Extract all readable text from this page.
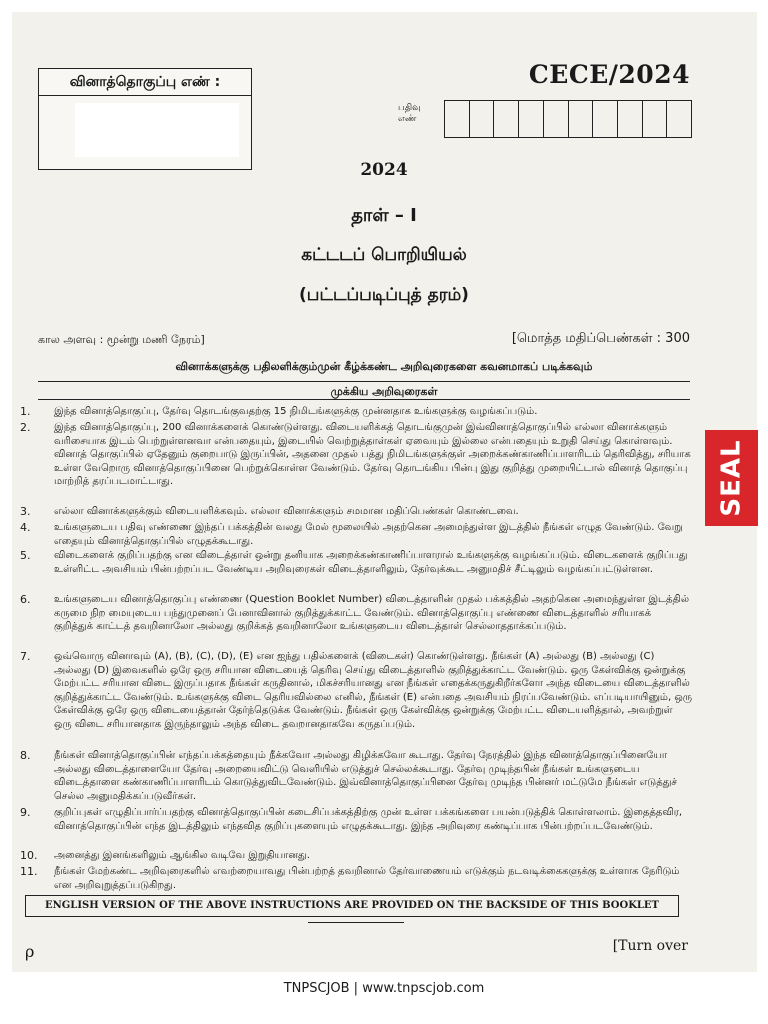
வினாத்தொகுப்பு எண் :	CECE/2024
பதிவு எண்
2024
தாள் – I
கட்டடப் பொறியியல்
(பட்டப்படிப்புத் தரம்)
கால அளவு : மூன்று மணி நேரம்]	[மொத்த மதிப்பெண்கள் : 300
வினாக்களுக்கு பதிலளிக்கும்முன் கீழ்க்கண்ட அறிவுரைகளை கவனமாகப் படிக்கவும்
முக்கிய அறிவுரைகள்
1.	இந்த வினாத்தொகுப்பு, தேர்வு தொடங்குவதற்கு 15 நிமிடங்களுக்கு முன்னதாக உங்களுக்கு வழங்கப்படும்.
2.	இந்த வினாத்தொகுப்பு, 200 வினாக்களைக் கொண்டுள்ளது. விடையளிக்கத் தொடங்குமுன் இவ்வினாத்தொகுப்பில் எல்லா வினாக்களும் வரிசையாக இடம் பெற்றுள்ளனவா என்பதையும், இடையில் வெற்றுத்தாள்கள் ஏவையும் இல்லை என்பதையும் உறுதி செய்து கொள்ளவும். வினாத் தொகுப்பில் ஏதேனும் குறைபாடு இருப்பின், அதனை முதல் பத்து நிமிடங்களுக்குள் அறைக்கண்காணிப்பாளரிடம் தெரிவித்து, சரியாக உள்ள வேறொரு வினாத்தொகுப்பினை பெற்றுக்கொள்ள வேண்டும். தேர்வு தொடங்கிய பின்பு இது குறித்து முறையிட்டால் வினாத் தொகுப்பு மாற்றித் தரப்படமாட்டாது.
3.	எல்லா வினாக்களுக்கும் விடையளிக்கவும். எல்லா வினாக்களும் சமமான மதிப்பெண்கள் கொண்டவை.
4.	உங்களுடைய பதிவு எண்ணை இந்தப் பக்கத்தின் வலது மேல் மூலையில் அதற்கென அமைந்துள்ள இடத்தில் நீங்கள் எழுத வேண்டும். வேறு எதையும் வினாத்தொகுப்பில் எழுதக்கூடாது.
5.	விடைகளைக் குறிப்பதற்கு என விடைத்தாள் ஒன்று தனியாக அறைக்கண்காணிப்பாளரால் உங்களுக்கு வழங்கப்படும். விடைகளைக் குறிப்பது உள்ளிட்ட அவசியம் பின்பற்றப்பட வேண்டிய அறிவுரைகள் விடைத்தாளிலும், தேர்வுக்கூட அனுமதிச் சீட்டிலும் வழங்கப்பட்டுள்ளன.
6.	உங்களுடைய வினாத்தொகுப்பு எண்ணை (Question Booklet Number) விடைத்தாளின் முதல் பக்கத்தில் அதற்கென அமைந்துள்ள இடத்தில் கருமை நிற மையுடைய பந்துமுனைப் பேனாவினால் குறித்துக்காட்ட வேண்டும். வினாத்தொகுப்பு எண்ணை விடைத்தாளில் சரியாகக் குறித்துக் காட்டத் தவறினாலோ அல்லது குறிக்கத் தவறினாலோ உங்களுடைய விடைத்தாள் செல்லாததாக்கப்படும்.
7.	ஒவ்வொரு வினாவும் (A), (B), (C), (D), (E) என ஐந்து பதில்களைக் (விடைகள்) கொண்டுள்ளது. நீங்கள் (A) அல்லது (B) அல்லது (C) அல்லது (D) இவைகளில் ஒரே ஒரு சரியான விடையைத் தெரிவு செய்து விடைத்தாளில் குறித்துக்காட்ட வேண்டும். ஒரு கேள்விக்கு ஒன்றுக்கு மேற்பட்ட சரியான விடை இருப்பதாக நீங்கள் கருதினால், மிகச்சரியானது என நீங்கள் எதைக்கருதுகிறீர்களோ அந்த விடையை விடைத்தாளில் குறித்துக்காட்ட வேண்டும். உங்களுக்கு விடை தெரியவில்லை எனில், நீங்கள் (E) என்பதை அவசியம் நிரப்பவேண்டும். எப்படியாயினும், ஒரு கேள்விக்கு ஒரே ஒரு விடையைத்தான் தேர்ந்தெடுக்க வேண்டும். நீங்கள் ஒரு கேள்விக்கு ஒன்றுக்கு மேற்பட்ட விடையளித்தால், அவற்றுள் ஒரு விடை சரியானதாக இருந்தாலும் அந்த விடை தவறானதாகவே கருதப்படும்.
8.	நீங்கள் வினாத்தொகுப்பின் எந்தப்பக்கத்தையும் நீக்கவோ அல்லது கிழிக்கவோ கூடாது. தேர்வு நேரத்தில் இந்த வினாத்தொகுப்பினையோ அல்லது விடைத்தாளையோ தேர்வு அறையைவிட்டு வெளியில் எடுத்துச் செல்லக்கூடாது. தேர்வு முடிந்தபின் நீங்கள் உங்களுடைய விடைத்தாளை கண்காணிப்பாளரிடம் கொடுத்துவிடவேண்டும். இவ்வினாத்தொகுப்பினை தேர்வு முடிந்த பின்னர் மட்டுமே நீங்கள் எடுத்துச் செல்ல அனுமதிக்கப்படுவீர்கள்.
9.	குறிப்புகள் எழுதிப்பார்ப்பதற்கு வினாத்தொகுப்பின் கடைசிப்பக்கத்திற்கு முன் உள்ள பக்கங்களை பயன்படுத்திக் கொள்ளலாம். இதைத்தவிர, வினாத்தொகுப்பின் எந்த இடத்திலும் எந்தவித குறிப்புகளையும் எழுதக்கூடாது. இந்த அறிவுரை கண்டிப்பாக பின்பற்றப்படவேண்டும்.
10.	அனைத்து இனங்களிலும் ஆங்கில வடிவே இறுதியானது.
11.	நீங்கள் மேற்கண்ட அறிவுரைகளில் எவற்றையாவது பின்பற்றத் தவறினால் தேர்வாணையம் எடுக்கும் நடவடிக்கைகளுக்கு உள்ளாக நேரிடும் என அறிவுறுத்தப்படுகிறது.
ENGLISH VERSION OF THE ABOVE INSTRUCTIONS ARE PROVIDED ON THE BACKSIDE OF THIS BOOKLET
ρ	[Turn over
TNPSCJOB | www.tnpscjob.com
SEAL
